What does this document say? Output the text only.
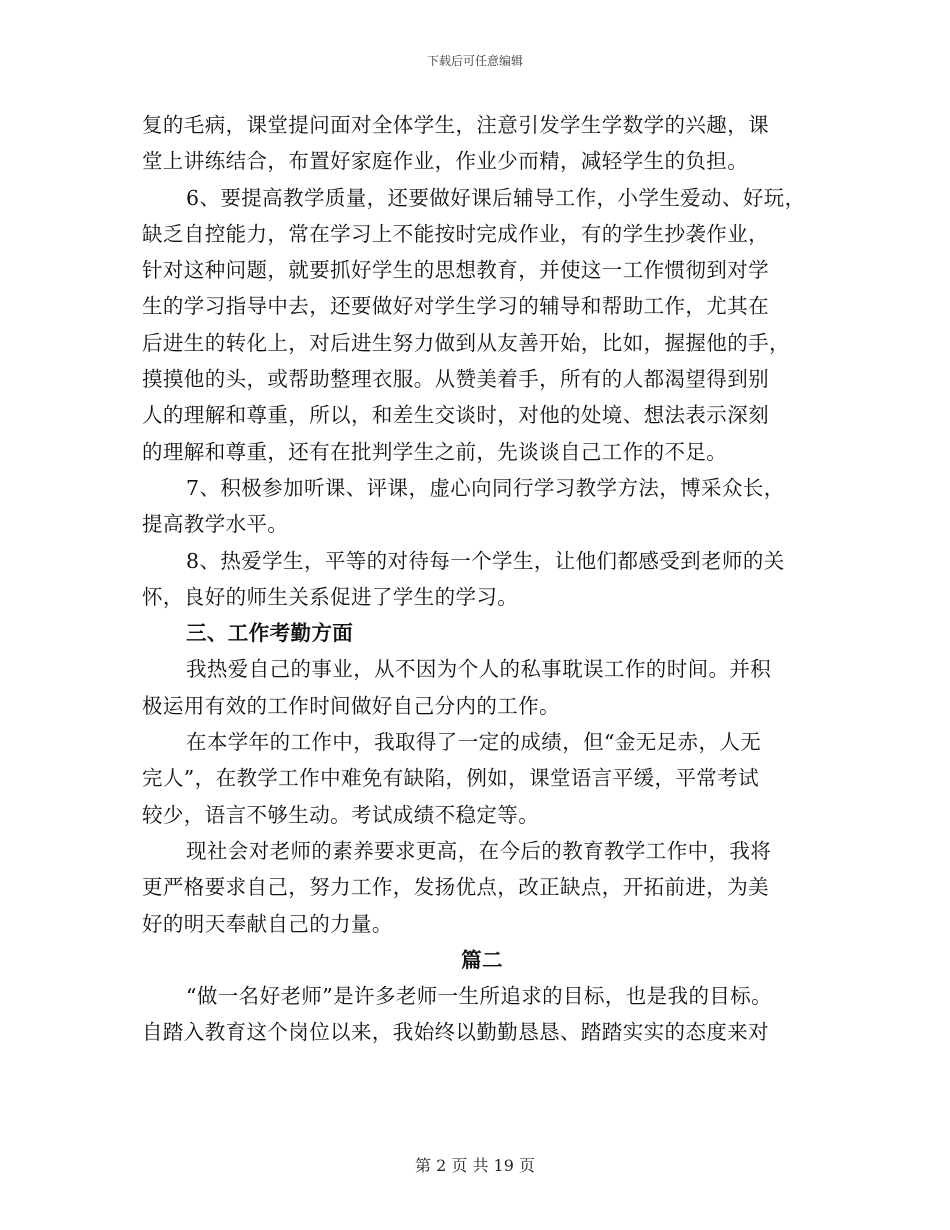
下载后可任意编辑
复的毛病，课堂提问面对全体学生，注意引发学生学数学的兴趣，课
堂上讲练结合，布置好家庭作业，作业少而精，减轻学生的负担。
6、要提高教学质量，还要做好课后辅导工作，小学生爱动、好玩，
缺乏自控能力，常在学习上不能按时完成作业，有的学生抄袭作业，
针对这种问题，就要抓好学生的思想教育，并使这一工作惯彻到对学
生的学习指导中去，还要做好对学生学习的辅导和帮助工作，尤其在
后进生的转化上，对后进生努力做到从友善开始，比如，握握他的手，
摸摸他的头，或帮助整理衣服。从赞美着手，所有的人都渴望得到别
人的理解和尊重，所以，和差生交谈时，对他的处境、想法表示深刻
的理解和尊重，还有在批判学生之前，先谈谈自己工作的不足。
7、积极参加听课、评课，虚心向同行学习教学方法，博采众长，
提高教学水平。
8、热爱学生，平等的对待每一个学生，让他们都感受到老师的关
怀，良好的师生关系促进了学生的学习。
三、工作考勤方面
我热爱自己的事业，从不因为个人的私事耽误工作的时间。并积
极运用有效的工作时间做好自己分内的工作。
在本学年的工作中，我取得了一定的成绩，但“金无足赤，人无
完人”，在教学工作中难免有缺陷，例如，课堂语言平缓，平常考试
较少，语言不够生动。考试成绩不稳定等。
现社会对老师的素养要求更高，在今后的教育教学工作中，我将
更严格要求自己，努力工作，发扬优点，改正缺点，开拓前进，为美
好的明天奉献自己的力量。
篇二
“做一名好老师”是许多老师一生所追求的目标，也是我的目标。
自踏入教育这个岗位以来，我始终以勤勤恳恳、踏踏实实的态度来对
第 2 页 共 19 页
